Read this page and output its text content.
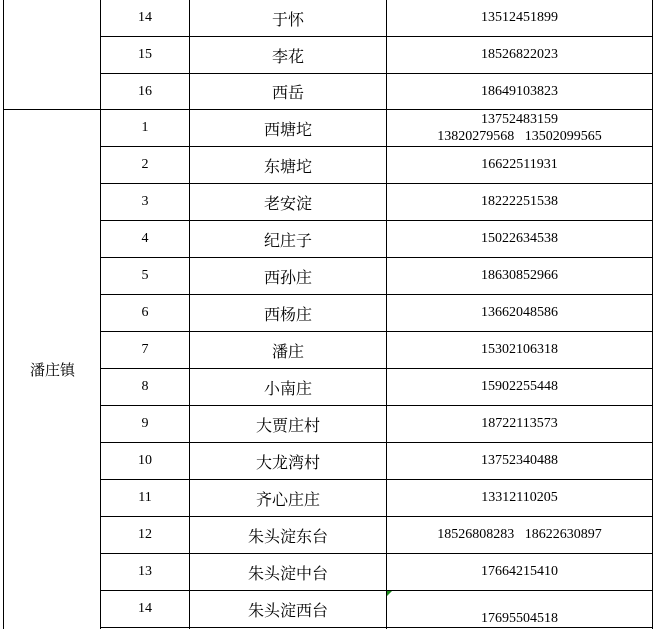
14	于怀	13512451899
15	李花	18526822023
16	西岳	18649103823
潘庄镇
1	西塘坨	13752483159
13820279568   13502099565
2	东塘坨	16622511931
3	老安淀	18222251538
4	纪庄子	15022634538
5	西孙庄	18630852966
6	西杨庄	13662048586
7	潘庄	15302106318
8	小南庄	15902255448
9	大贾庄村	18722113573
10	大龙湾村	13752340488
11	齐心庄庄	13312110205
12	朱头淀东台	18526808283   18622630897
13	朱头淀中台	17664215410
14	朱头淀西台	17695504518
